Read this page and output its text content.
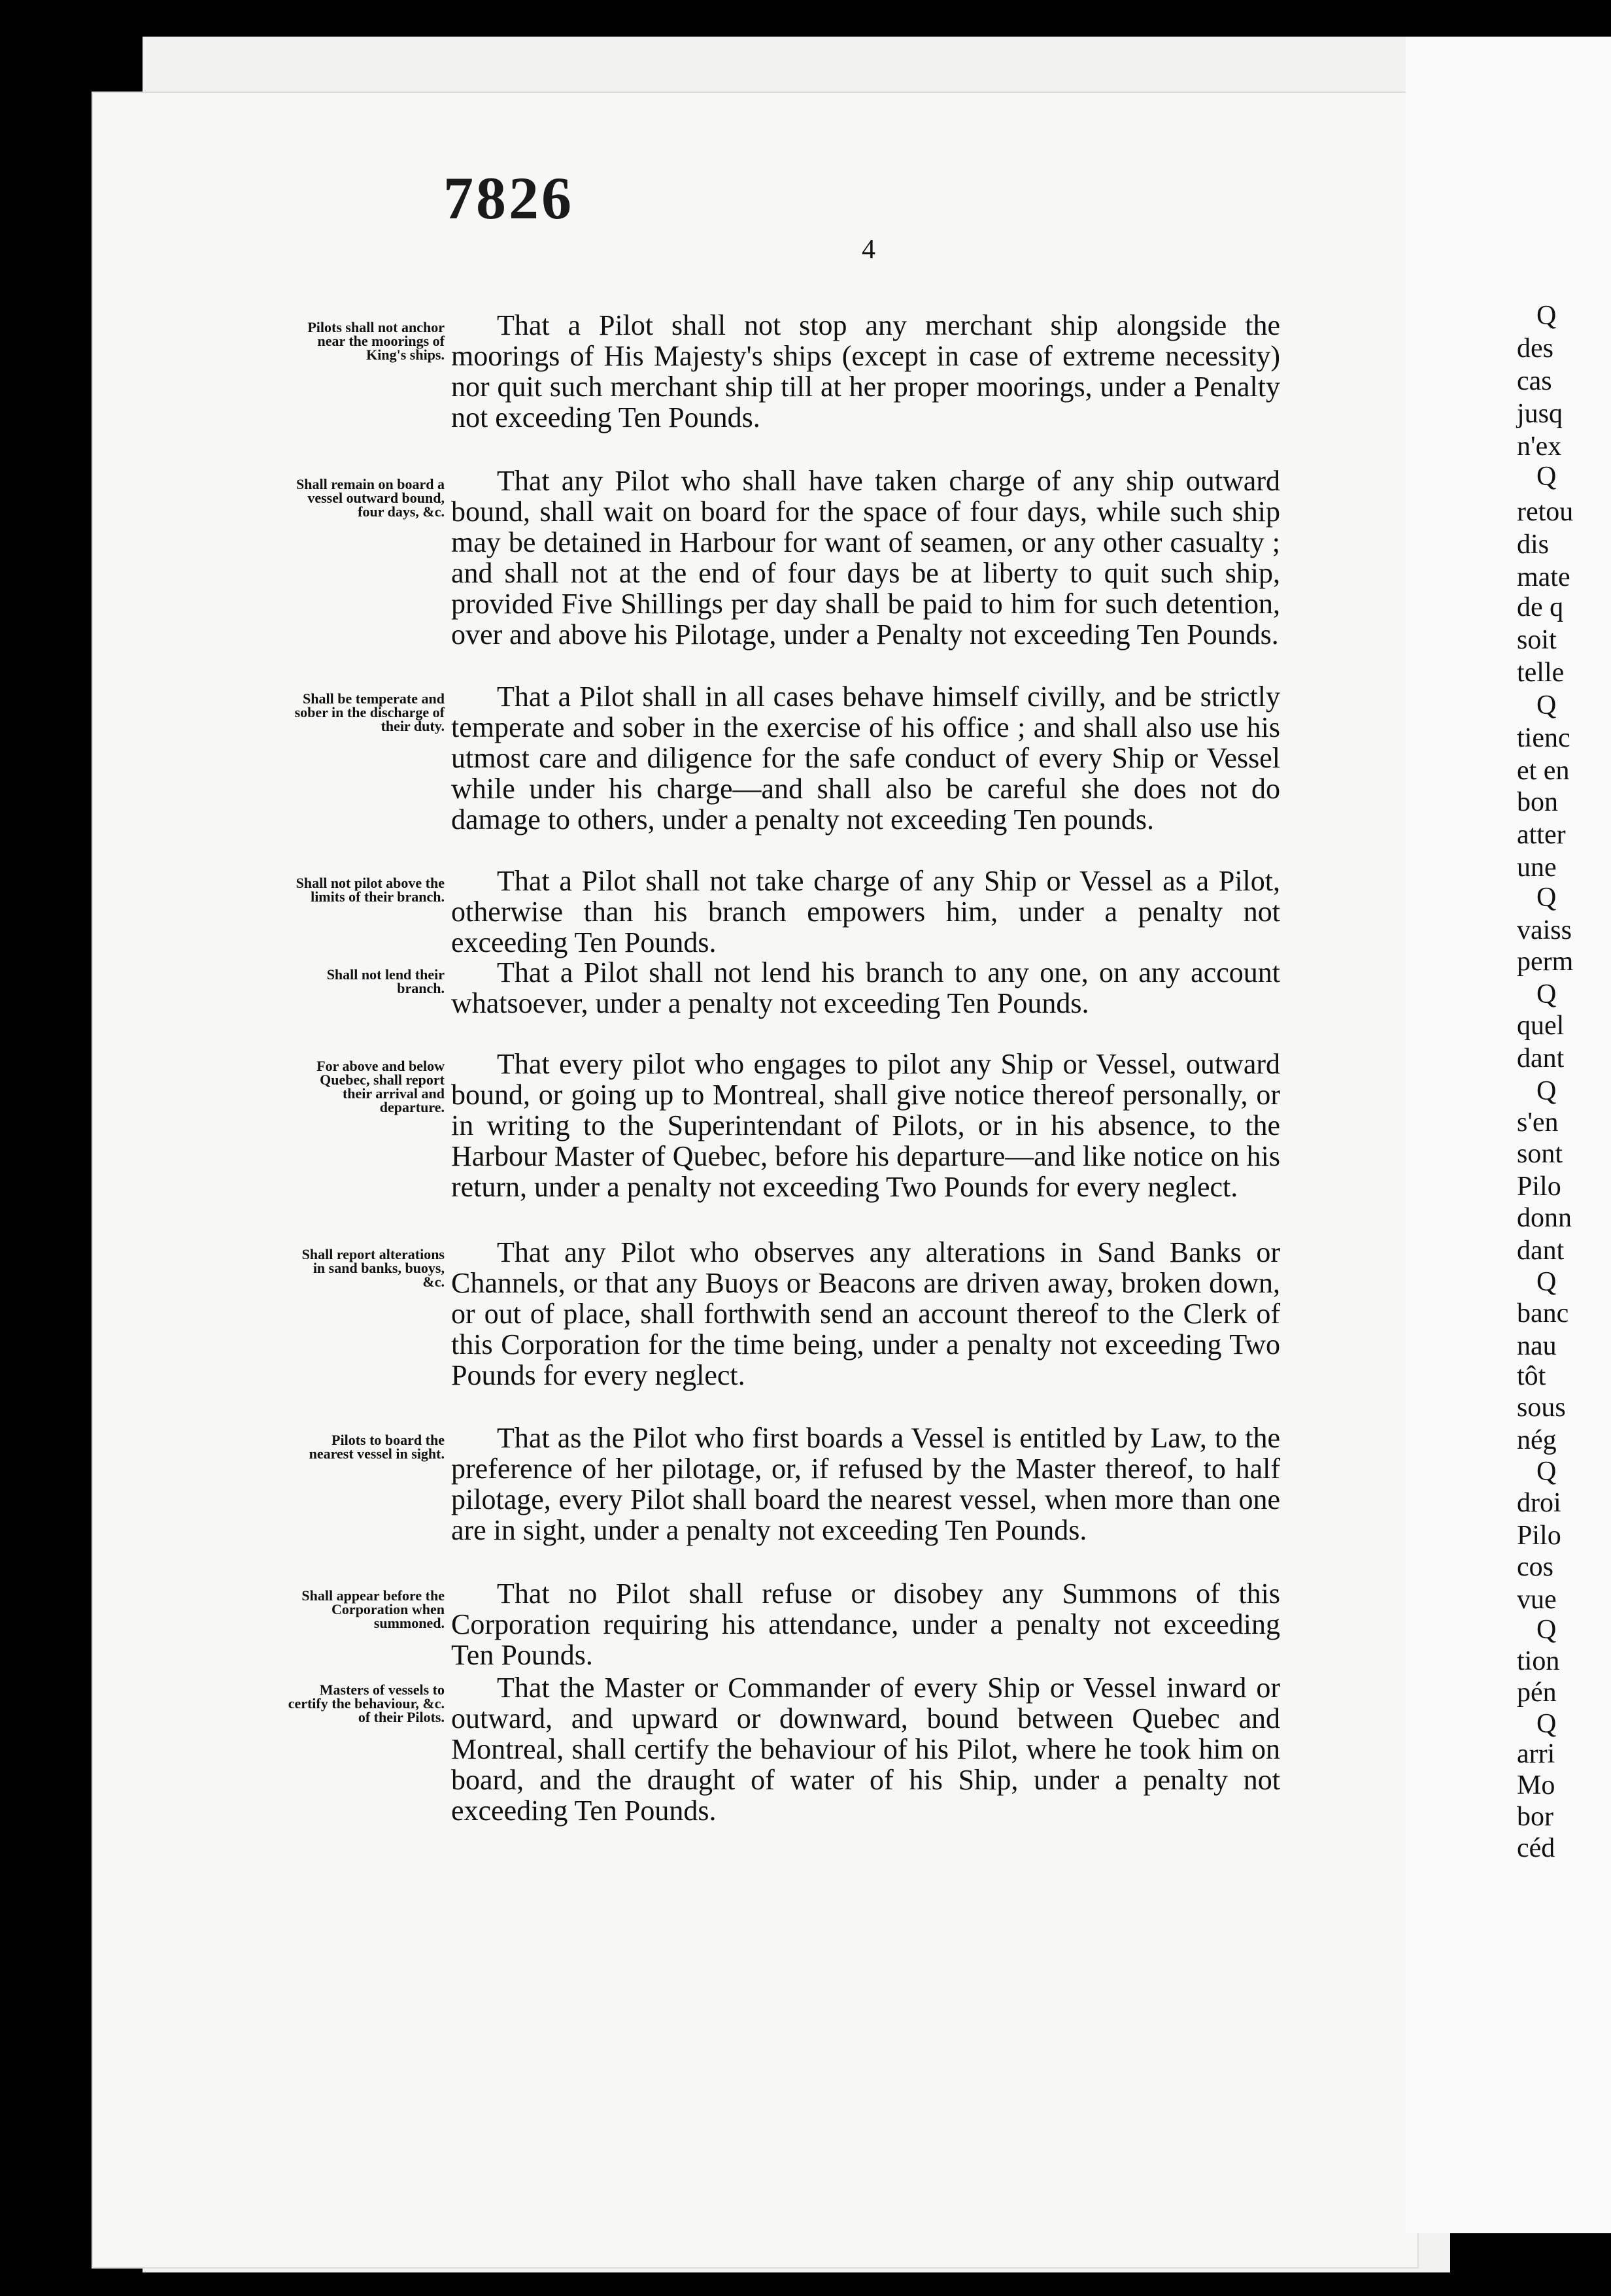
Q
des
cas
jusq
n'ex
Q
retou
dis
mate
de q
soit
telle
Q
tienc
et en
bon
atter
une
Q
vaiss
perm
Q
quel
dant
Q
s'en
sont
Pilo
donn
dant
Q
banc
nau
tôt
sous
nég
Q
droi
Pilo
cos
vue
Q
tion
pén
Q
arri
Mo
bor
céd
7826
4
Pilots shall not anchor near the moorings of King's ships.
That a Pilot shall not stop any merchant ship alongside the moorings of His Majesty's ships (except in case of extreme necessity) nor quit such merchant ship till at her proper moorings, under a Penalty not exceeding Ten Pounds.
Shall remain on board a vessel outward bound, four days, &c.
That any Pilot who shall have taken charge of any ship outward bound, shall wait on board for the space of four days, while such ship may be detained in Harbour for want of seamen, or any other casualty ; and shall not at the end of four days be at liberty to quit such ship, provided Five Shillings per day shall be paid to him for such detention, over and above his Pilotage, under a Penalty not exceeding Ten Pounds.
Shall be temperate and sober in the discharge of their duty.
That a Pilot shall in all cases behave himself civilly, and be strictly temperate and sober in the exercise of his office ; and shall also use his utmost care and diligence for the safe conduct of every Ship or Vessel while under his charge—and shall also be careful she does not do damage to others, under a penalty not exceeding Ten pounds.
Shall not pilot above the limits of their branch.	That a Pilot shall not take charge of any Ship or Vessel as a Pilot, otherwise than his branch empowers him, under a penalty not exceeding Ten Pounds.
Shall not lend their branch.	That a Pilot shall not lend his branch to any one, on any account whatsoever, under a penalty not exceeding Ten Pounds.
For above and below Quebec, shall report their arrival and departure.
That every pilot who engages to pilot any Ship or Vessel, outward bound, or going up to Montreal, shall give notice thereof personally, or in writing to the Superintendant of Pilots, or in his absence, to the Harbour Master of Quebec, before his departure—and like notice on his return, under a penalty not exceeding Two Pounds for every neglect.
Shall report alterations in sand banks, buoys, &c.
That any Pilot who observes any alterations in Sand Banks or Channels, or that any Buoys or Beacons are driven away, broken down, or out of place, shall forthwith send an account thereof to the Clerk of this Corporation for the time being, under a penalty not exceeding Two Pounds for every neglect.
Pilots to board the nearest vessel in sight.	That as the Pilot who first boards a Vessel is entitled by Law, to the preference of her pilotage, or, if refused by the Master thereof, to half pilotage, every Pilot shall board the nearest vessel, when more than one are in sight, under a penalty not exceeding Ten Pounds.
Shall appear before the Corporation when summoned.
That no Pilot shall refuse or disobey any Summons of this Corporation requiring his attendance, under a penalty not exceeding Ten Pounds.
Masters of vessels to certify the behaviour, &c. of their Pilots.
That the Master or Commander of every Ship or Vessel inward or outward, and upward or downward, bound between Quebec and Montreal, shall certify the behaviour of his Pilot, where he took him on board, and the draught of water of his Ship, under a penalty not exceeding Ten Pounds.
